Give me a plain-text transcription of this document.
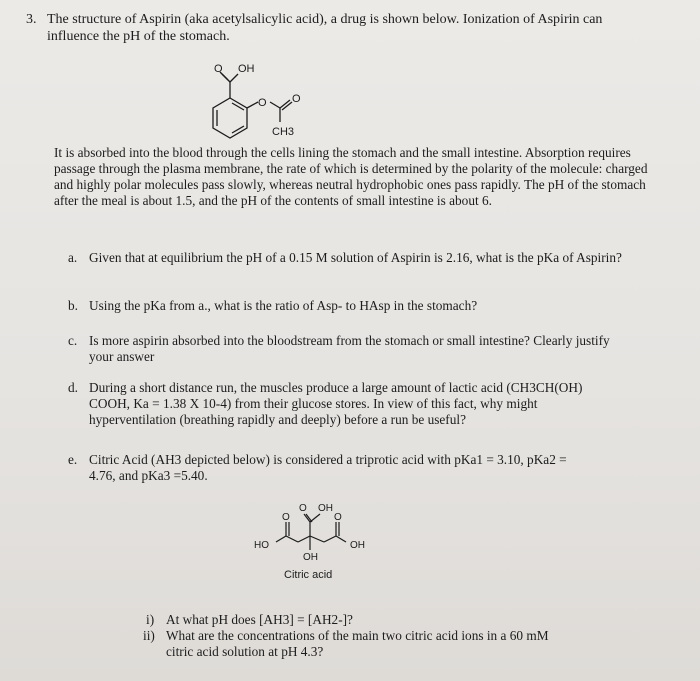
3. The structure of Aspirin (aka acetylsalicylic acid), a drug is shown below. Ionization of Aspirin can influence the pH of the stomach.
O OH
O O
CH3
It is absorbed into the blood through the cells lining the stomach and the small intestine. Absorption requires passage through the plasma membrane, the rate of which is determined by the polarity of the molecule: charged and highly polar molecules pass slowly, whereas neutral hydrophobic ones pass rapidly. The pH of the stomach after the meal is about 1.5, and the pH of the contents of small intestine is about 6.
a. Given that at equilibrium the pH of a 0.15 M solution of Aspirin is 2.16, what is the pKa of Aspirin?
b. Using the pKa from a., what is the ratio of Asp- to HAsp in the stomach?
c. Is more aspirin absorbed into the bloodstream from the stomach or small intestine? Clearly justify your answer
d. During a short distance run, the muscles produce a large amount of lactic acid (CH3CH(OH)
COOH, Ka = 1.38 X 10-4) from their glucose stores. In view of this fact, why might
hyperventilation (breathing rapidly and deeply) before a run be useful?
e. Citric Acid (AH3 depicted below) is considered a triprotic acid with pKa1 = 3.10, pKa2 =
4.76, and pKa3 =5.40.
O
O OH
O
HO	OH
OH
Citric acid
i) At what pH does [AH3] = [AH2-]?
ii) What are the concentrations of the main two citric acid ions in a 60 mM
citric acid solution at pH 4.3?
